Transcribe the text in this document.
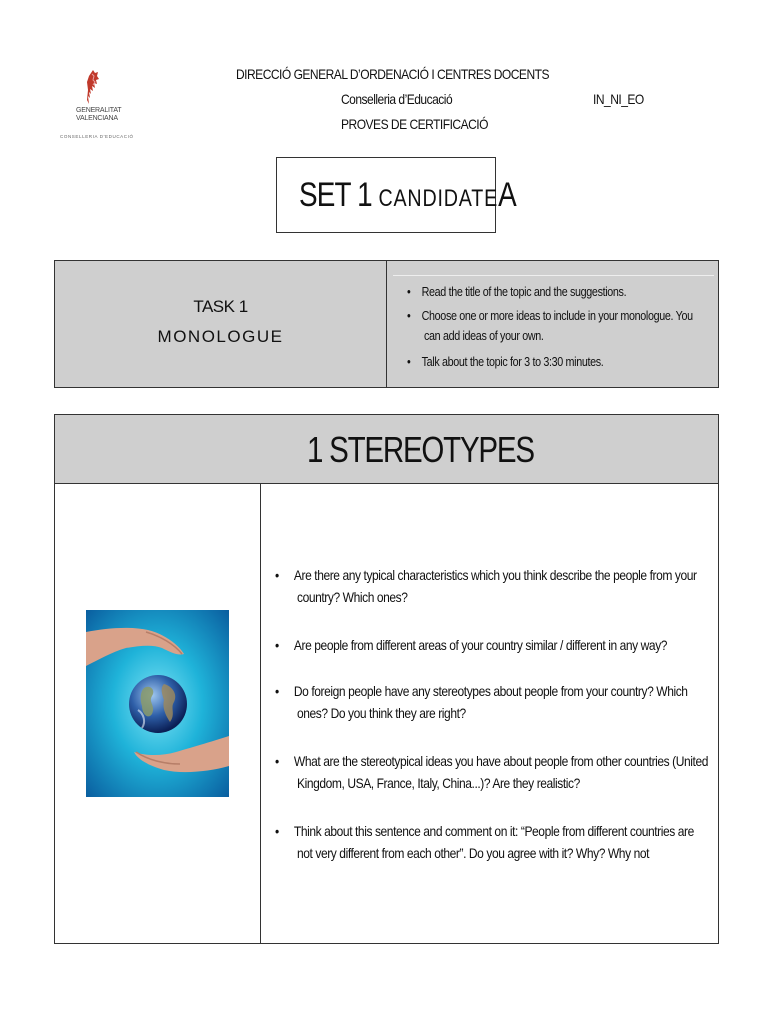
GENERALITAT
VALENCIANA
CONSELLERIA D'EDUCACIÓ
DIRECCIÓ GENERAL D’ORDENACIÓ I CENTRES DOCENTS
Conselleria d’Educació
PROVES DE CERTIFICACIÓ
IN_NI_EO
SET 1 CANDIDATEA
TASK 1
MONOLOGUE
• Read the title of the topic and the suggestions.
• Choose one or more ideas to include in your monologue. You
can add ideas of your own.
• Talk about the topic for 3 to 3:30 minutes.
1 STEREOTYPES
• Are there any typical characteristics which you think describe the people from your
country? Which ones?
• Are people from different areas of your country similar / different in any way?
• Do foreign people have any stereotypes about people from your country? Which
ones? Do you think they are right?
• What are the stereotypical ideas you have about people from other countries (United
Kingdom, USA, France, Italy, China...)? Are they realistic?
• Think about this sentence and comment on it: “People from different countries are
not very different from each other”. Do you agree with it? Why? Why not
